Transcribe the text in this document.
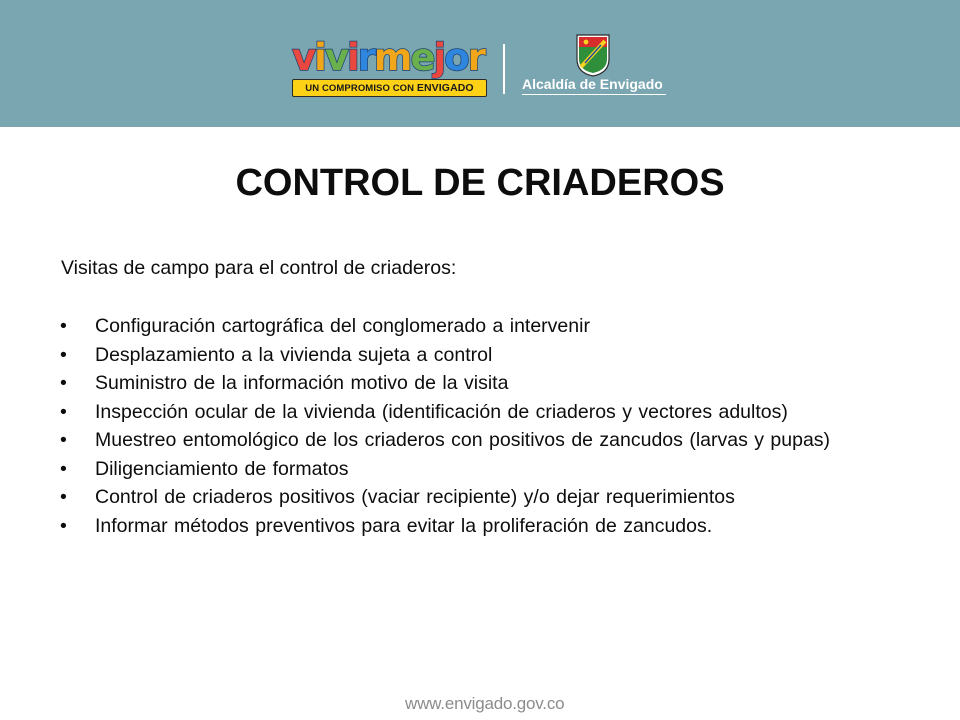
vivirmejor
UN COMPROMISO CON ENVIGADO	Alcaldía de Envigado
CONTROL DE CRIADEROS
Visitas de campo para el control de criaderos:
• Configuración cartográfica del conglomerado a intervenir
• Desplazamiento a la vivienda sujeta a control
• Suministro de la información motivo de la visita
• Inspección ocular de la vivienda (identificación de criaderos y vectores adultos)
• Muestreo entomológico de los criaderos con positivos de zancudos (larvas y pupas)
• Diligenciamiento de formatos
• Control de criaderos positivos (vaciar recipiente) y/o dejar requerimientos
• Informar métodos preventivos para evitar la proliferación de zancudos.
www.envigado.gov.co
